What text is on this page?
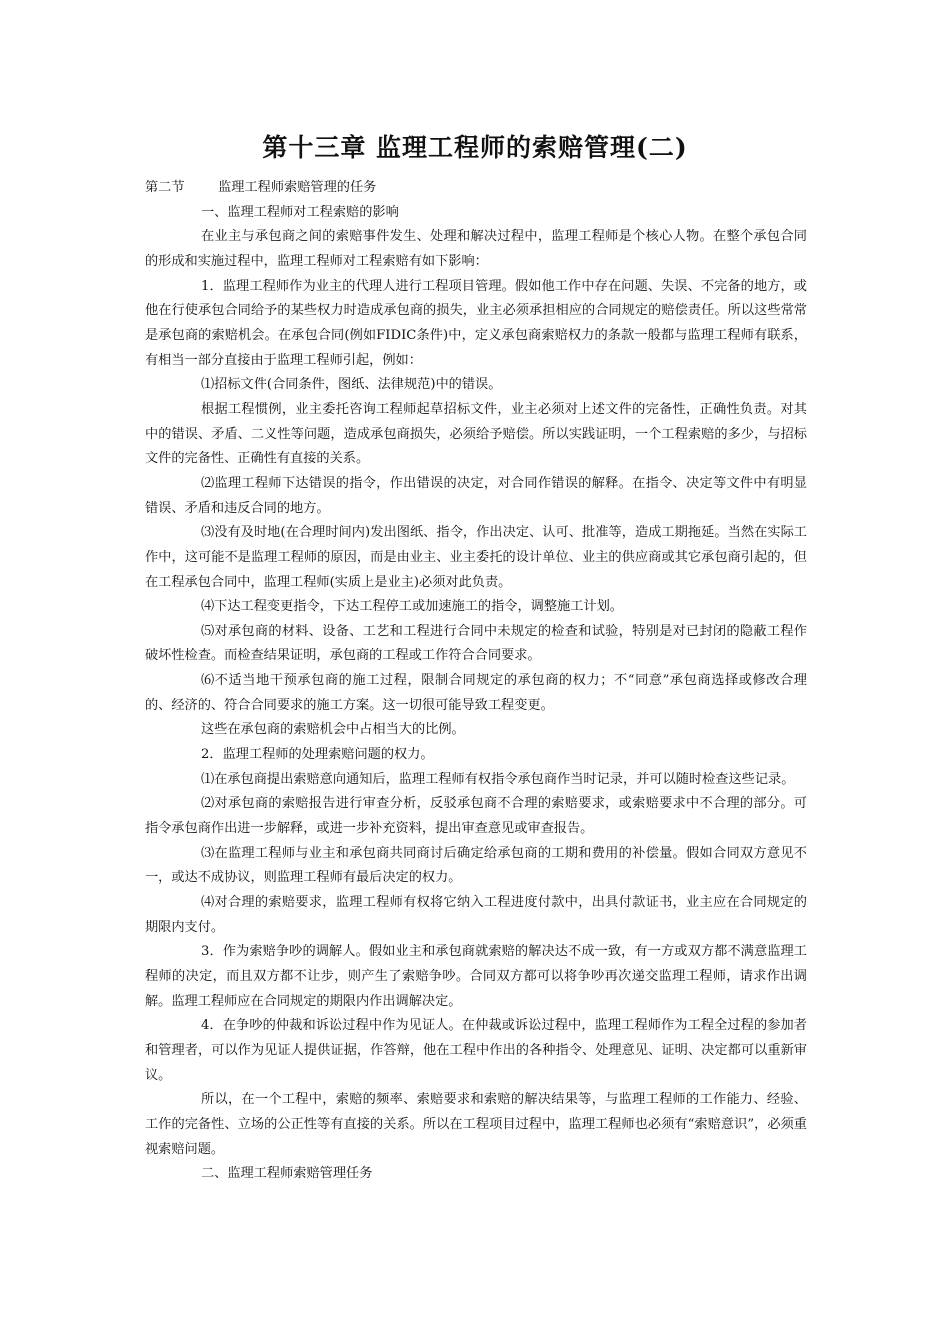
第十三章 监理工程师的索赔管理(二)

第二节        监理工程师索赔管理的任务

一、监理工程师对工程索赔的影响

在业主与承包商之间的索赔事件发生、处理和解决过程中，监理工程师是个核心人物。在整个承包合同的形成和实施过程中，监理工程师对工程索赔有如下影响：

1．监理工程师作为业主的代理人进行工程项目管理。假如他工作中存在问题、失误、不完备的地方，或他在行使承包合同给予的某些权力时造成承包商的损失，业主必须承担相应的合同规定的赔偿责任。所以这些常常是承包商的索赔机会。在承包合同(例如FIDIC条件)中，定义承包商索赔权力的条款一般都与监理工程师有联系，有相当一部分直接由于监理工程师引起，例如：

⑴招标文件(合同条件，图纸、法律规范)中的错误。

根据工程惯例，业主委托咨询工程师起草招标文件，业主必须对上述文件的完备性，正确性负责。对其中的错误、矛盾、二义性等问题，造成承包商损失，必须给予赔偿。所以实践证明，一个工程索赔的多少，与招标文件的完备性、正确性有直接的关系。

⑵监理工程师下达错误的指令，作出错误的决定，对合同作错误的解释。在指令、决定等文件中有明显错误、矛盾和违反合同的地方。

⑶没有及时地(在合理时间内)发出图纸、指令，作出决定、认可、批准等，造成工期拖延。当然在实际工作中，这可能不是监理工程师的原因，而是由业主、业主委托的设计单位、业主的供应商或其它承包商引起的，但在工程承包合同中，监理工程师(实质上是业主)必须对此负责。

⑷下达工程变更指令，下达工程停工或加速施工的指令，调整施工计划。

⑸对承包商的材料、设备、工艺和工程进行合同中未规定的检查和试验，特别是对已封闭的隐蔽工程作破坏性检查。而检查结果证明，承包商的工程或工作符合合同要求。

⑹不适当地干预承包商的施工过程，限制合同规定的承包商的权力；不“同意”承包商选择或修改合理的、经济的、符合合同要求的施工方案。这一切很可能导致工程变更。

这些在承包商的索赔机会中占相当大的比例。

2．监理工程师的处理索赔问题的权力。

⑴在承包商提出索赔意向通知后，监理工程师有权指令承包商作当时记录，并可以随时检查这些记录。

⑵对承包商的索赔报告进行审查分析，反驳承包商不合理的索赔要求，或索赔要求中不合理的部分。可指令承包商作出进一步解释，或进一步补充资料，提出审查意见或审查报告。

⑶在监理工程师与业主和承包商共同商讨后确定给承包商的工期和费用的补偿量。假如合同双方意见不一，或达不成协议，则监理工程师有最后决定的权力。

⑷对合理的索赔要求，监理工程师有权将它纳入工程进度付款中，出具付款证书，业主应在合同规定的期限内支付。

3．作为索赔争吵的调解人。假如业主和承包商就索赔的解决达不成一致，有一方或双方都不满意监理工程师的决定，而且双方都不让步，则产生了索赔争吵。合同双方都可以将争吵再次递交监理工程师，请求作出调解。监理工程师应在合同规定的期限内作出调解决定。

4．在争吵的仲裁和诉讼过程中作为见证人。在仲裁或诉讼过程中，监理工程师作为工程全过程的参加者和管理者，可以作为见证人提供证据，作答辩，他在工程中作出的各种指令、处理意见、证明、决定都可以重新审议。

所以，在一个工程中，索赔的频率、索赔要求和索赔的解决结果等，与监理工程师的工作能力、经验、工作的完备性、立场的公正性等有直接的关系。所以在工程项目过程中，监理工程师也必须有“索赔意识”，必须重视索赔问题。

二、监理工程师索赔管理任务
